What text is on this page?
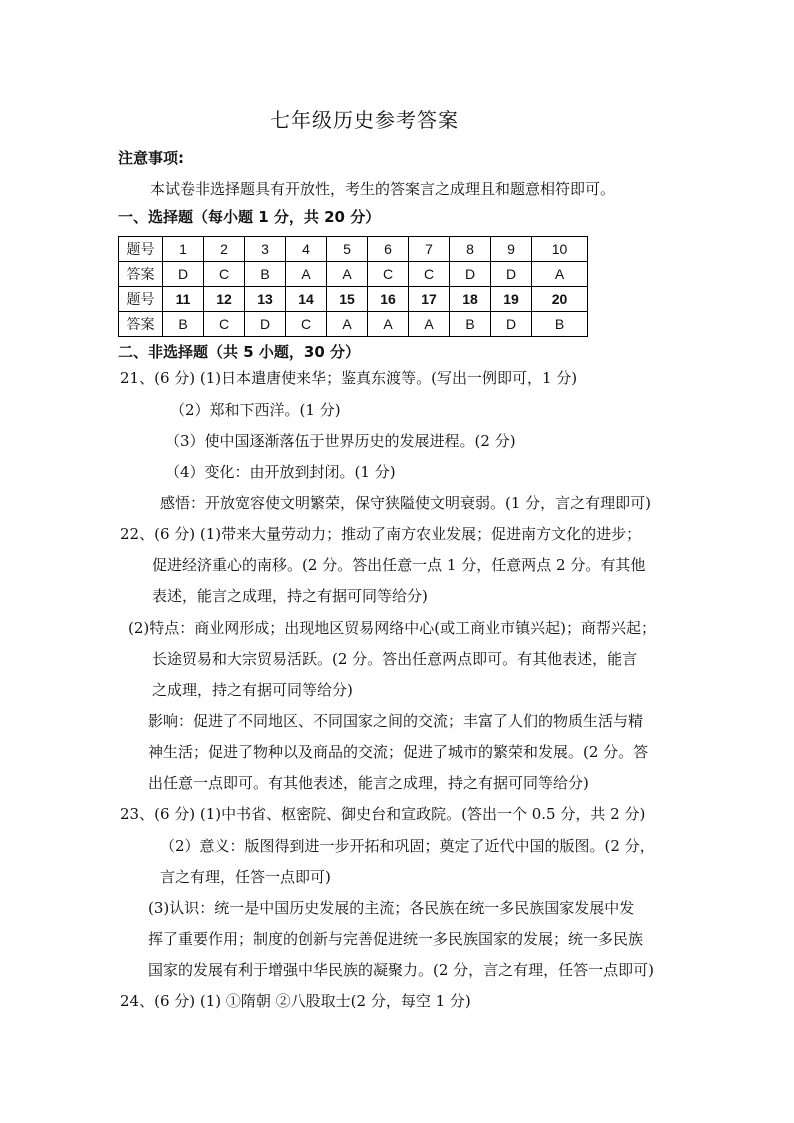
七年级历史参考答案
注意事项:
本试卷非选择题具有开放性，考生的答案言之成理且和题意相符即可。
一、选择题（每小题 1 分，共 20 分）
题号	1	2	3	4	5	6	7	8	9	10
答案	D	C	B	A	A	C	C	D	D	A
题号	11	12	13	14	15	16	17	18	19	20
答案	B	C	D	C	A	A	A	B	D	B
二、非选择题（共 5 小题，30 分）
21、(6 分) (1)日本遣唐使来华；鉴真东渡等。(写出一例即可，1 分)
（2）郑和下西洋。(1 分)
（3）使中国逐渐落伍于世界历史的发展进程。(2 分)
（4）变化：由开放到封闭。(1 分)
感悟：开放宽容使文明繁荣，保守狭隘使文明衰弱。(1 分，言之有理即可)
22、(6 分) (1)带来大量劳动力；推动了南方农业发展；促进南方文化的进步；
促进经济重心的南移。(2 分。答出任意一点 1 分，任意两点 2 分。有其他
表述，能言之成理，持之有据可同等给分)
(2)特点：商业网形成；出现地区贸易网络中心(或工商业市镇兴起)；商帮兴起；
长途贸易和大宗贸易活跃。(2 分。答出任意两点即可。有其他表述，能言
之成理，持之有据可同等给分)
影响：促进了不同地区、不同国家之间的交流；丰富了人们的物质生活与精
神生活；促进了物种以及商品的交流；促进了城市的繁荣和发展。(2 分。答
出任意一点即可。有其他表述，能言之成理，持之有据可同等给分)
23、(6 分) (1)中书省、枢密院、御史台和宣政院。(答出一个 0.5 分，共 2 分)
（2）意义：版图得到进一步开拓和巩固；奠定了近代中国的版图。(2 分，
言之有理，任答一点即可)
(3)认识：统一是中国历史发展的主流；各民族在统一多民族国家发展中发
挥了重要作用；制度的创新与完善促进统一多民族国家的发展；统一多民族
国家的发展有利于增强中华民族的凝聚力。(2 分，言之有理，任答一点即可)
24、(6 分) (1) ①隋朝 ②八股取士(2 分，每空 1 分)
